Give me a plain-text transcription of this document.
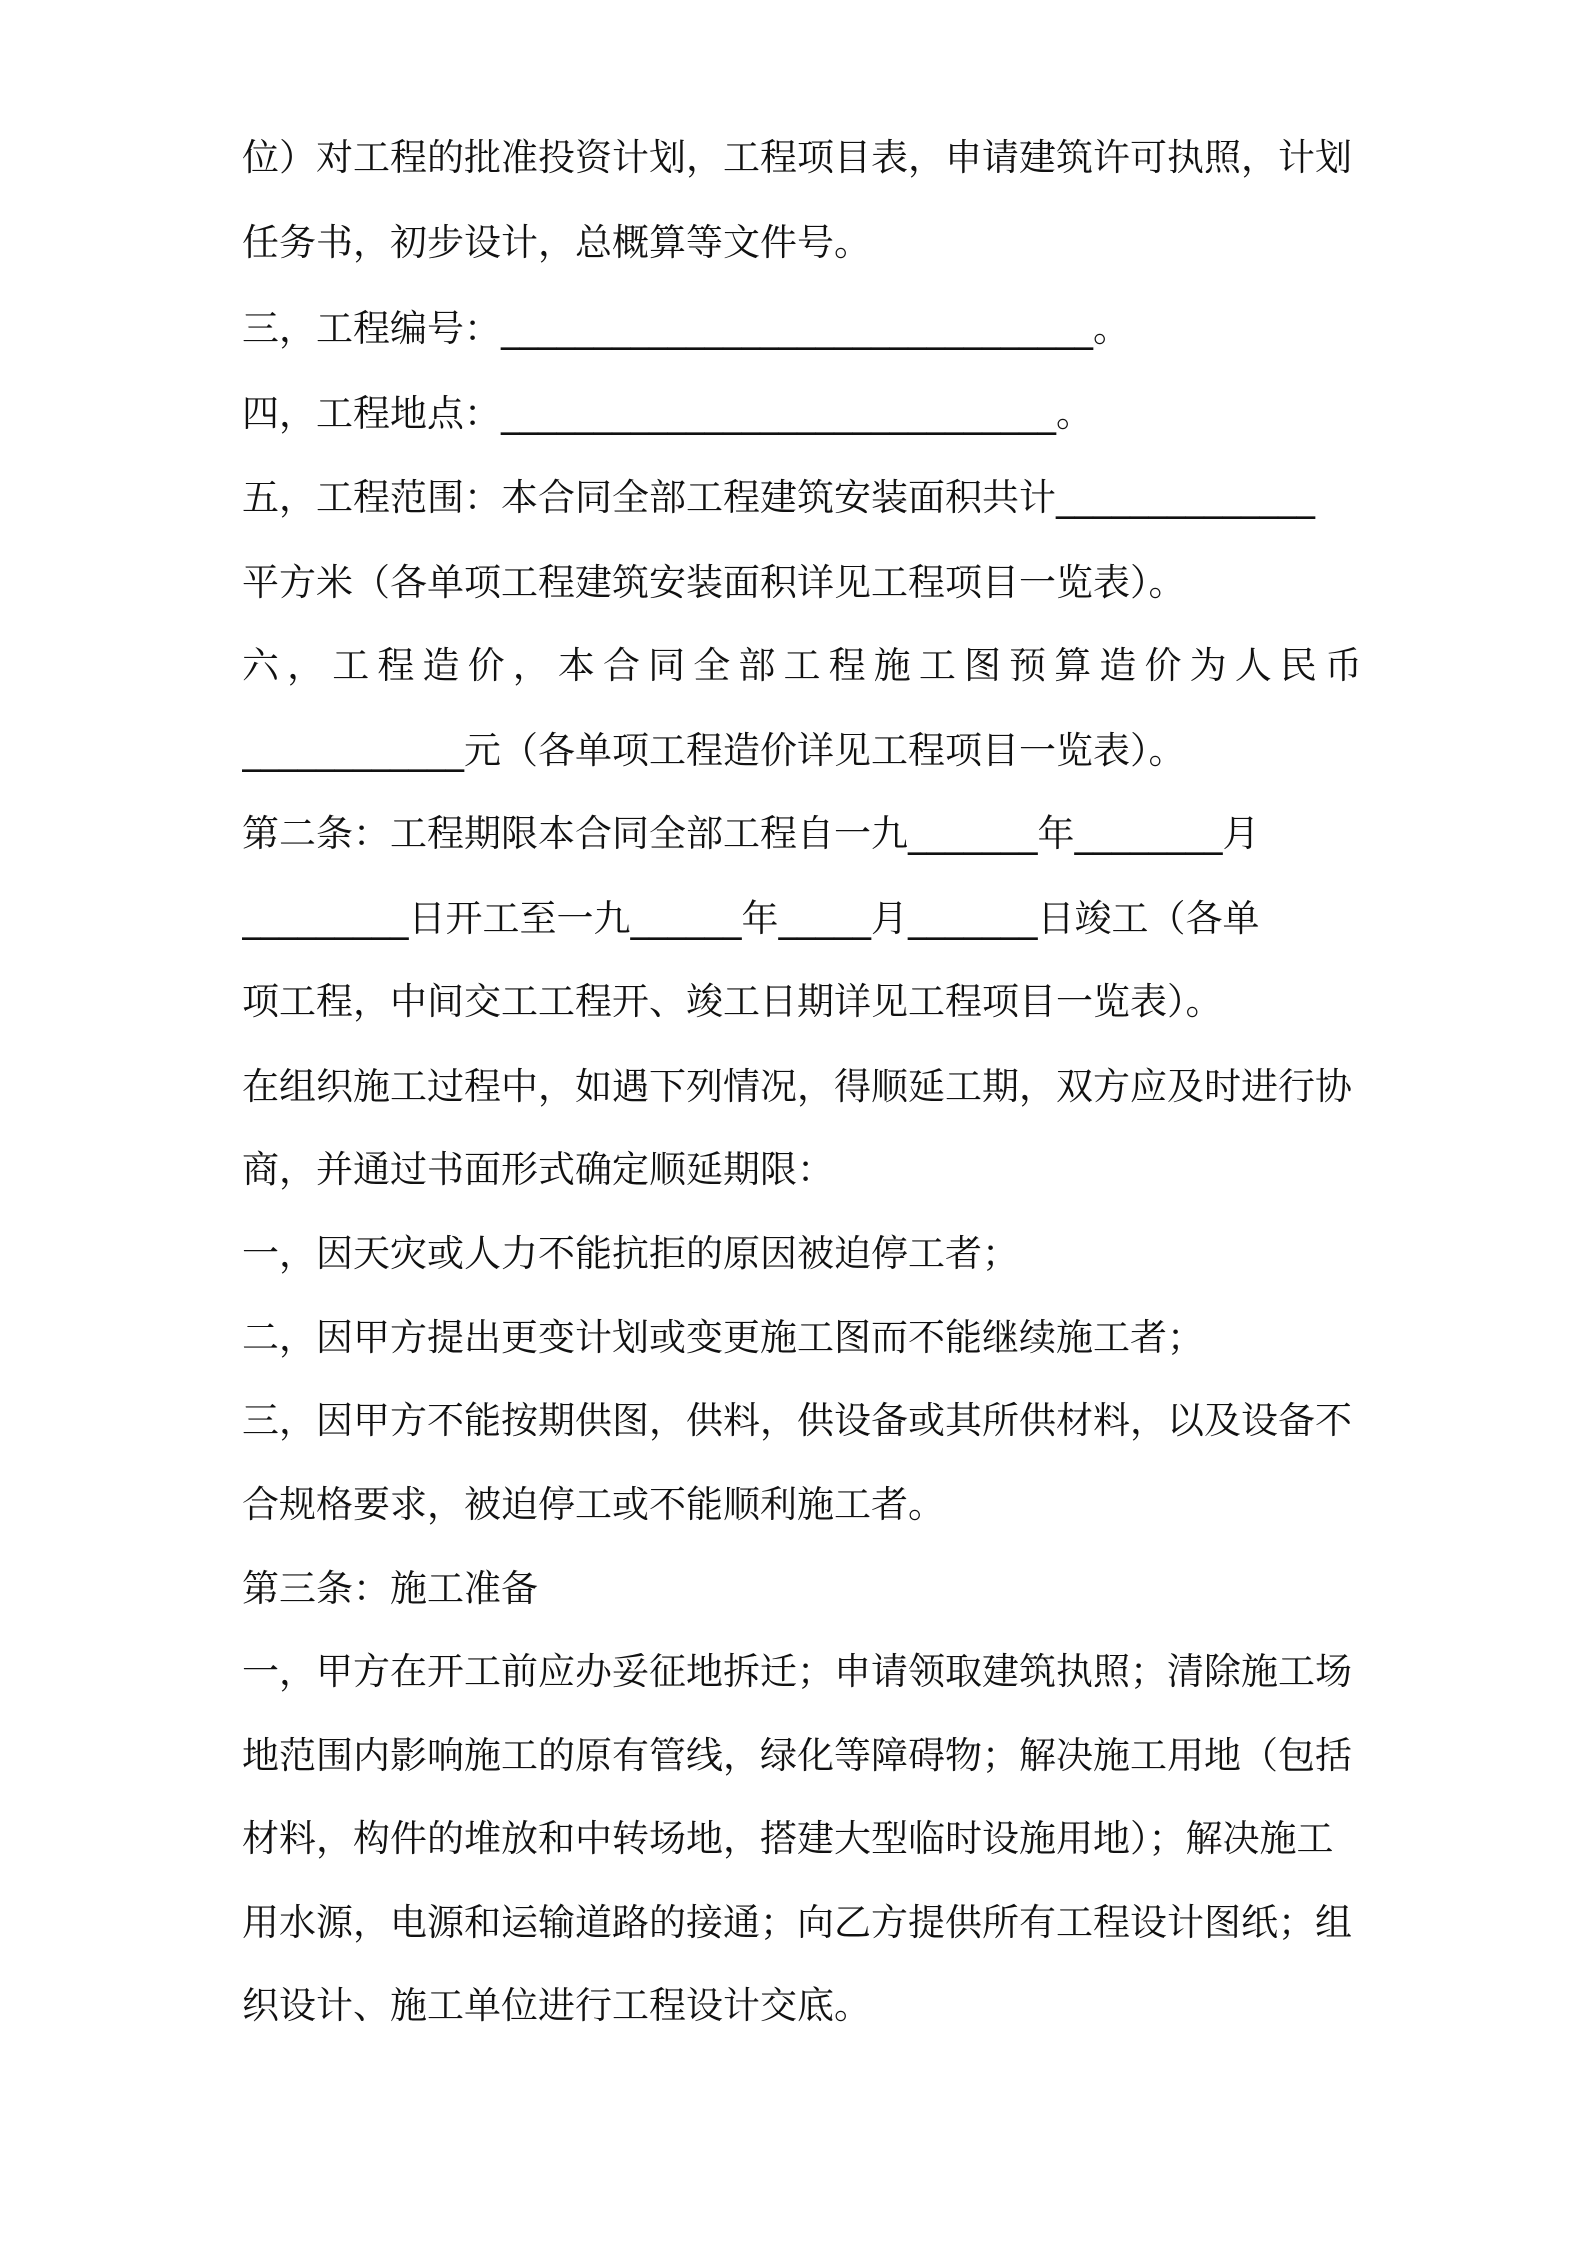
位）对工程的批准投资计划，工程项目表，申请建筑许可执照，计划
任务书，初步设计，总概算等文件号。
三，工程编号：________________________________。
四，工程地点：______________________________。
五，工程范围：本合同全部工程建筑安装面积共计______________
平方米（各单项工程建筑安装面积详见工程项目一览表）。
六 ， 工 程 造 价 ， 本 合 同 全 部 工 程 施 工 图 预 算 造 价 为 人 民 币
____________元（各单项工程造价详见工程项目一览表）。
第二条：工程期限本合同全部工程自一九_______年________月
_________日开工至一九______年_____月_______日竣工（各单
项工程，中间交工工程开、竣工日期详见工程项目一览表）。
在组织施工过程中，如遇下列情况，得顺延工期，双方应及时进行协
商，并通过书面形式确定顺延期限：
一，因天灾或人力不能抗拒的原因被迫停工者；
二，因甲方提出更变计划或变更施工图而不能继续施工者；
三，因甲方不能按期供图，供料，供设备或其所供材料，以及设备不
合规格要求，被迫停工或不能顺利施工者。
第三条：施工准备
一，甲方在开工前应办妥征地拆迁；申请领取建筑执照；清除施工场
地范围内影响施工的原有管线，绿化等障碍物；解决施工用地（包括
材料，构件的堆放和中转场地，搭建大型临时设施用地）；解决施工
用水源，电源和运输道路的接通；向乙方提供所有工程设计图纸；组
织设计、施工单位进行工程设计交底。
